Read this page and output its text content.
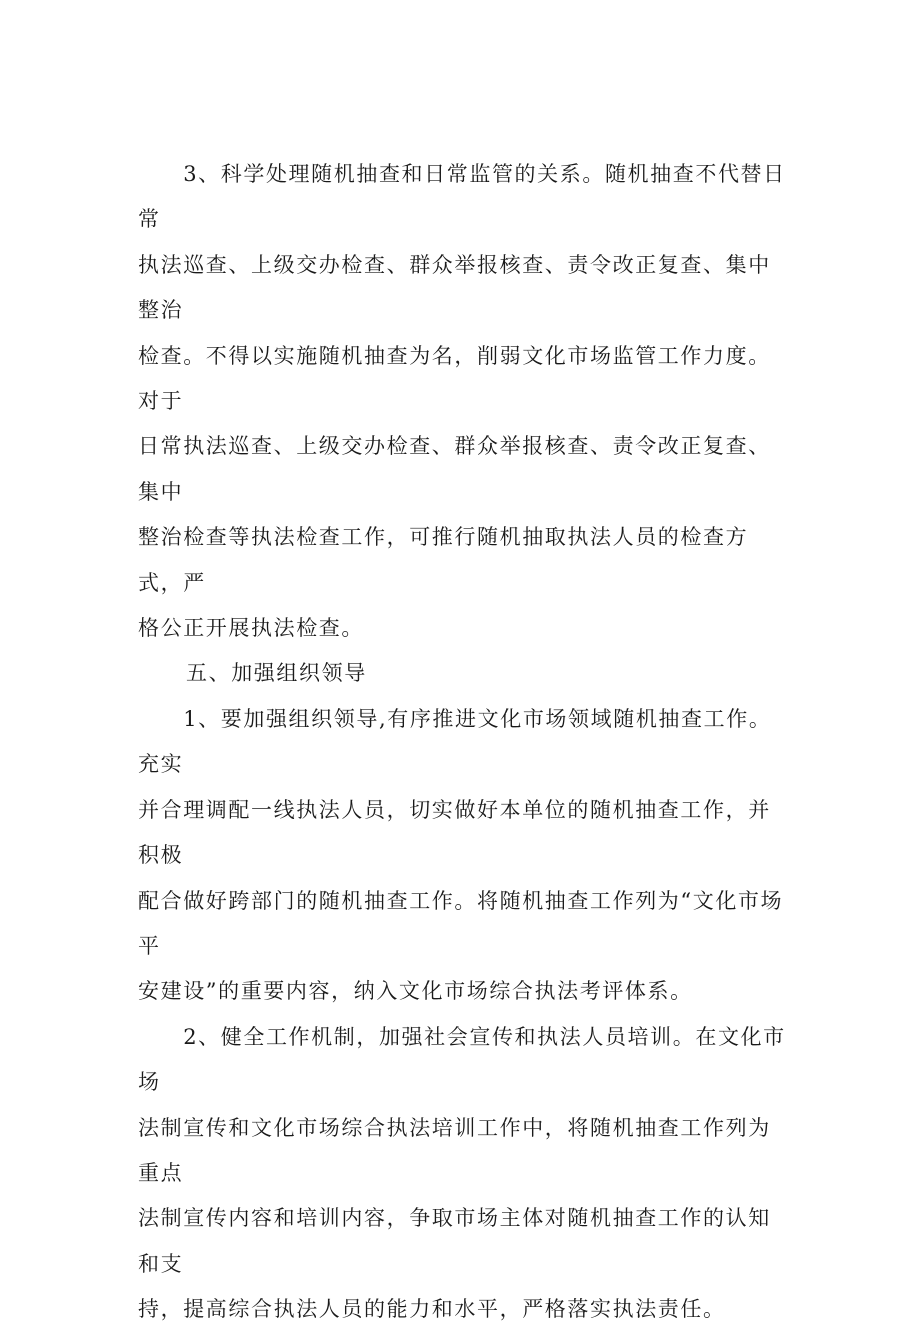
　　3、科学处理随机抽查和日常监管的关系。随机抽查不代替日常
执法巡查、上级交办检查、群众举报核查、责令改正复查、集中整治
检查。不得以实施随机抽查为名，削弱文化市场监管工作力度。对于
日常执法巡查、上级交办检查、群众举报核查、责令改正复查、集中
整治检查等执法检查工作，可推行随机抽取执法人员的检查方式，严
格公正开展执法检查。

五、加强组织领导

　　1、要加强组织领导,有序推进文化市场领域随机抽查工作。充实
并合理调配一线执法人员，切实做好本单位的随机抽查工作，并积极
配合做好跨部门的随机抽查工作。将随机抽查工作列为“文化市场平
安建设”的重要内容，纳入文化市场综合执法考评体系。

　　2、健全工作机制，加强社会宣传和执法人员培训。在文化市场
法制宣传和文化市场综合执法培训工作中，将随机抽查工作列为重点
法制宣传内容和培训内容，争取市场主体对随机抽查工作的认知和支
持，提高综合执法人员的能力和水平，严格落实执法责任。
